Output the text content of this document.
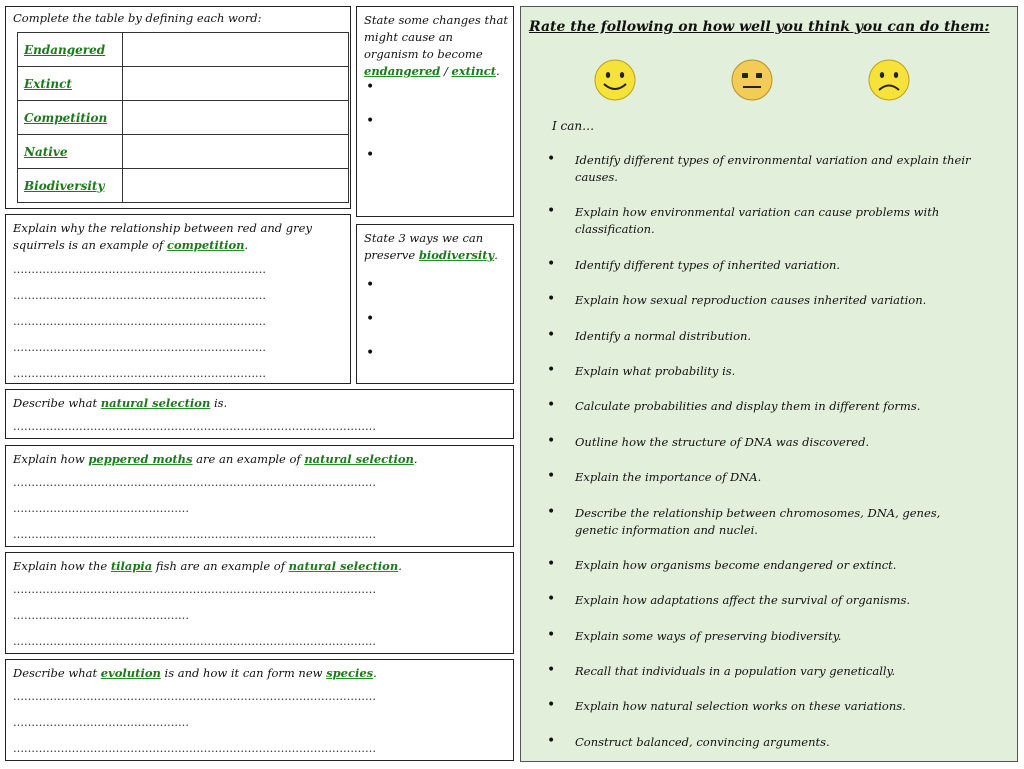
Complete the table by defining each word:
Endangered	
Extinct	
Competition	
Native	
Biodiversity	
State some changes that might cause an organism to become endangered / extinct.
•
•
•
Explain why the relationship between red and grey squirrels is an example of competition.
……………………………………………………………
……………………………………………………………
……………………………………………………………
……………………………………………………………
……………………………………………………………
State 3 ways we can preserve biodiversity.
•
•
•
Describe what natural selection is.
………………………………………………………………………………………
Explain how peppered moths are an example of natural selection.
………………………………………………………………………………………
…………………………………………
………………………………………………………………………………………
Explain how the tilapia fish are an example of natural selection.
………………………………………………………………………………………
…………………………………………
………………………………………………………………………………………
Describe what evolution is and how it can form new species.
………………………………………………………………………………………
…………………………………………
………………………………………………………………………………………
Rate the following on how well you think you can do them:
I can…
• Identify different types of environmental variation and explain their causes.
• Explain how environmental variation can cause problems with classification.
• Identify different types of inherited variation.
• Explain how sexual reproduction causes inherited variation.
• Identify a normal distribution.
• Explain what probability is.
• Calculate probabilities and display them in different forms.
• Outline how the structure of DNA was discovered.
• Explain the importance of DNA.
• Describe the relationship between chromosomes, DNA, genes, genetic information and nuclei.
• Explain how organisms become endangered or extinct.
• Explain how adaptations affect the survival of organisms.
• Explain some ways of preserving biodiversity.
• Recall that individuals in a population vary genetically.
• Explain how natural selection works on these variations.
• Construct balanced, convincing arguments.
